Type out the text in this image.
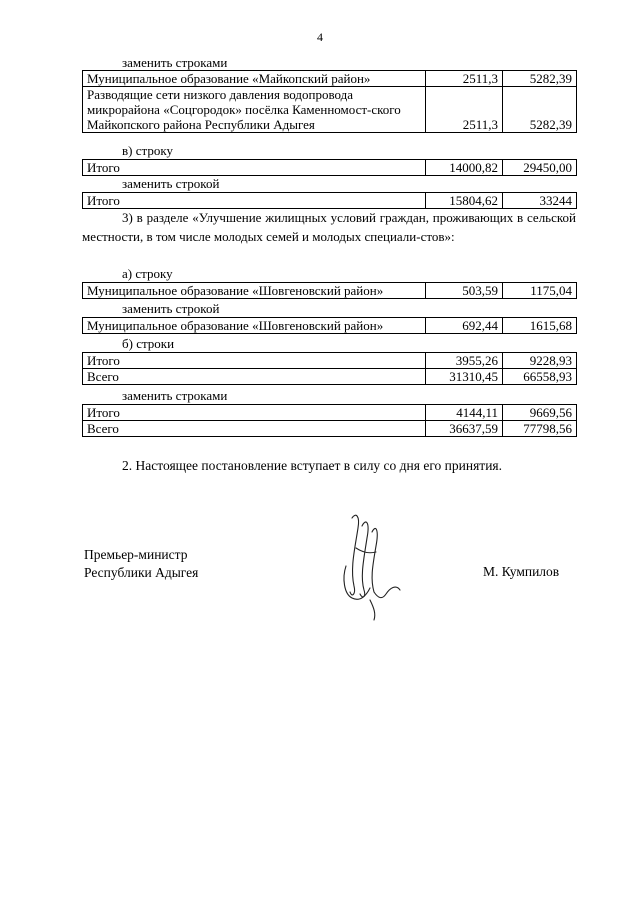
4
заменить строками
Муниципальное образование «Майкопский район»	2511,3	5282,39
Разводящие сети низкого давления водопровода микрорайона «Соцгородок» посёлка Каменномост-ского Майкопского района Республики Адыгея	2511,3	5282,39
в) строку
Итого	14000,82	29450,00
заменить строкой
Итого	15804,62	33244
3) в разделе «Улучшение жилищных условий граждан, проживающих в сельской местности, в том числе молодых семей и молодых специали-стов»:
а) строку
Муниципальное образование «Шовгеновский район»	503,59	1175,04
заменить строкой
Муниципальное образование «Шовгеновский район»	692,44	1615,68
б) строки
Итого	3955,26	9228,93
Всего	31310,45	66558,93
заменить строками
Итого	4144,11	9669,56
Всего	36637,59	77798,56
2. Настоящее постановление вступает в силу со дня его принятия.
Премьер-министр
Республики Адыгея	М. Кумпилов
